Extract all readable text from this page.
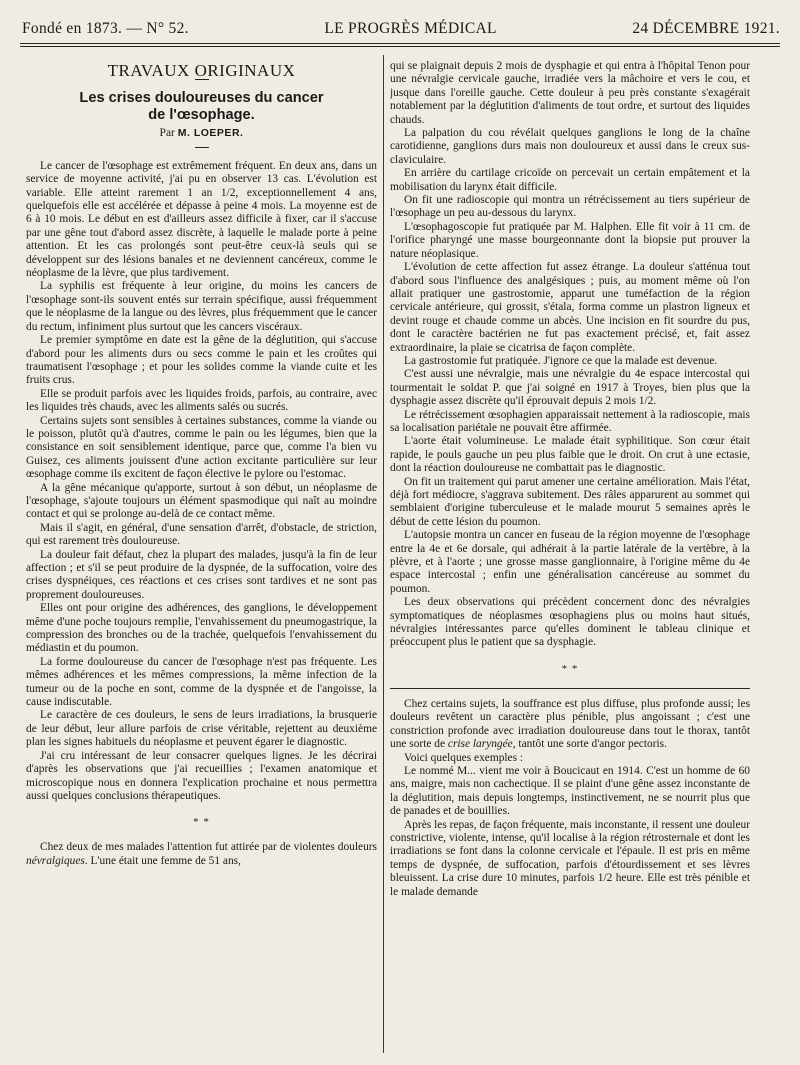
Fondé en 1873. — N° 52.	LE PROGRÈS MÉDICAL	24 DÉCEMBRE 1921.
TRAVAUX ORIGINAUX
Les crises douloureuses du cancer
de l'œsophage.
Par M. LOEPER.

Le cancer de l'œsophage est extrêmement fréquent. En deux ans, dans un service de moyenne activité, j'ai pu en observer 13 cas. L'évolution est variable. Elle atteint rarement 1 an 1/2, exceptionnellement 4 ans, quelquefois elle est accélérée et dépasse à peine 4 mois. La moyenne est de 6 à 10 mois. Le début en est d'ailleurs assez difficile à fixer, car il s'accuse par une gêne tout d'abord assez discrète, à laquelle le malade porte à peine attention. Et les cas prolongés sont peut-être ceux-là seuls qui se développent sur des lésions banales et ne deviennent cancéreux, comme le néoplasme de la lèvre, que plus tardivement.

La syphilis est fréquente à leur origine, du moins les cancers de l'œsophage sont-ils souvent entés sur terrain spécifique, aussi fréquemment que le néoplasme de la langue ou des lèvres, plus fréquemment que le cancer du rectum, infiniment plus surtout que les cancers viscéraux.

Le premier symptôme en date est la gêne de la déglutition, qui s'accuse d'abord pour les aliments durs ou secs comme le pain et les croûtes qui traumatisent l'œsophage ; et pour les solides comme la viande cuite et les fruits crus.

Elle se produit parfois avec les liquides froids, parfois, au contraire, avec les liquides très chauds, avec les aliments salés ou sucrés.

Certains sujets sont sensibles à certaines substances, comme la viande ou le poisson, plutôt qu'à d'autres, comme le pain ou les légumes, bien que la consistance en soit sensiblement identique, parce que, comme l'a bien vu Guisez, ces aliments jouissent d'une action excitante particulière sur leur œsophage comme ils excitent de façon élective le pylore ou l'estomac.

A la gêne mécanique qu'apporte, surtout à son début, un néoplasme de l'œsophage, s'ajoute toujours un élément spasmodique qui naît au moindre contact et qui se prolonge au-delà de ce contact même.

Mais il s'agit, en général, d'une sensation d'arrêt, d'obstacle, de striction, qui est rarement très douloureuse.

La douleur fait défaut, chez la plupart des malades, jusqu'à la fin de leur affection ; et s'il se peut produire de la dyspnée, de la suffocation, voire des crises dyspnéiques, ces réactions et ces crises sont tardives et ne sont pas proprement douloureuses.

Elles ont pour origine des adhérences, des ganglions, le développement même d'une poche toujours remplie, l'envahissement du pneumogastrique, la compression des bronches ou de la trachée, quelquefois l'envahissement du médiastin et du poumon.

La forme douloureuse du cancer de l'œsophage n'est pas fréquente. Les mêmes adhérences et les mêmes compressions, la même infection de la tumeur ou de la poche en sont, comme de la dyspnée et de l'angoisse, la cause indiscutable.

Le caractère de ces douleurs, le sens de leurs irradiations, la brusquerie de leur début, leur allure parfois de crise véritable, rejettent au deuxième plan les signes habituels du néoplasme et peuvent égarer le diagnostic.

J'ai cru intéressant de leur consacrer quelques lignes. Je les décrirai d'après les observations que j'ai recueillies ; l'examen anatomique et microscopique nous en donnera l'explication prochaine et nous permettra aussi quelques conclusions thérapeutiques.

* *

Chez deux de mes malades l'attention fut attirée par de violentes douleurs névralgiques. L'une était une femme de 51 ans,

qui se plaignait depuis 2 mois de dysphagie et qui entra à l'hôpital Tenon pour une névralgie cervicale gauche, irradiée vers la mâchoire et vers le cou, et jusque dans l'oreille gauche. Cette douleur à peu près constante s'exagérait notablement par la déglutition d'aliments de tout ordre, et surtout des liquides chauds.

La palpation du cou révélait quelques ganglions le long de la chaîne carotidienne, ganglions durs mais non douloureux et aussi dans le creux sus-claviculaire.

En arrière du cartilage cricoïde on percevait un certain empâtement et la mobilisation du larynx était difficile.

On fit une radioscopie qui montra un rétrécissement au tiers supérieur de l'œsophage un peu au-dessous du larynx.

L'œsophagoscopie fut pratiquée par M. Halphen. Elle fit voir à 11 cm. de l'orifice pharyngé une masse bourgeonnante dont la biopsie put prouver la nature néoplasique.

L'évolution de cette affection fut assez étrange. La douleur s'atténua tout d'abord sous l'influence des analgésiques ; puis, au moment même où l'on allait pratiquer une gastrostomie, apparut une tuméfaction de la région cervicale antérieure, qui grossit, s'étala, forma comme un plastron ligneux et devint rouge et chaude comme un abcès. Une incision en fit sourdre du pus, dont le caractère bactérien ne fut pas exactement précisé, et, fait assez extraordinaire, la plaie se cicatrisa de façon complète.

La gastrostomie fut pratiquée. J'ignore ce que la malade est devenue.

C'est aussi une névralgie, mais une névralgie du 4e espace intercostal qui tourmentait le soldat P. que j'ai soigné en 1917 à Troyes, bien plus que la dysphagie assez discrète qu'il éprouvait depuis 2 mois 1/2.

Le rétrécissement œsophagien apparaissait nettement à la radioscopie, mais sa localisation pariétale ne pouvait être affirmée.

L'aorte était volumineuse. Le malade était syphilitique. Son cœur était rapide, le pouls gauche un peu plus faible que le droit. On crut à une ectasie, dont la réaction douloureuse ne combattait pas le diagnostic.

On fit un traitement qui parut amener une certaine amélioration. Mais l'état, déjà fort médiocre, s'aggrava subitement. Des râles apparurent au sommet qui semblaient d'origine tuberculeuse et le malade mourut 5 semaines après le début de cette lésion du poumon.

L'autopsie montra un cancer en fuseau de la région moyenne de l'œsophage entre la 4e et 6e dorsale, qui adhérait à la partie latérale de la vertèbre, à la plèvre, et à l'aorte ; une grosse masse ganglionnaire, à l'origine même du 4e espace intercostal ; enfin une généralisation cancéreuse au sommet du poumon.

Les deux observations qui précèdent concernent donc des névralgies symptomatiques de néoplasmes œsophagiens plus ou moins haut situés, névralgies intéressantes parce qu'elles dominent le tableau clinique et préoccupent plus le patient que sa dysphagie.

* *

Chez certains sujets, la souffrance est plus diffuse, plus profonde aussi; les douleurs revêtent un caractère plus pénible, plus angoissant ; c'est une constriction profonde avec irradiation douloureuse dans tout le thorax, tantôt une sorte de crise laryngée, tantôt une sorte d'angor pectoris.

Voici quelques exemples :

Le nommé M... vient me voir à Boucicaut en 1914. C'est un homme de 60 ans, maigre, mais non cachectique. Il se plaint d'une gêne assez inconstante de la déglutition, mais depuis longtemps, instinctivement, ne se nourrit plus que de panades et de bouillies.

Après les repas, de façon fréquente, mais inconstante, il ressent une douleur constrictive, violente, intense, qu'il localise à la région rétrosternale et dont les irradiations se font dans la colonne cervicale et l'épaule. Il est pris en même temps de dyspnée, de suffocation, parfois d'étourdissement et ses lèvres bleuissent. La crise dure 10 minutes, parfois 1/2 heure. Elle est très pénible et le malade demande
